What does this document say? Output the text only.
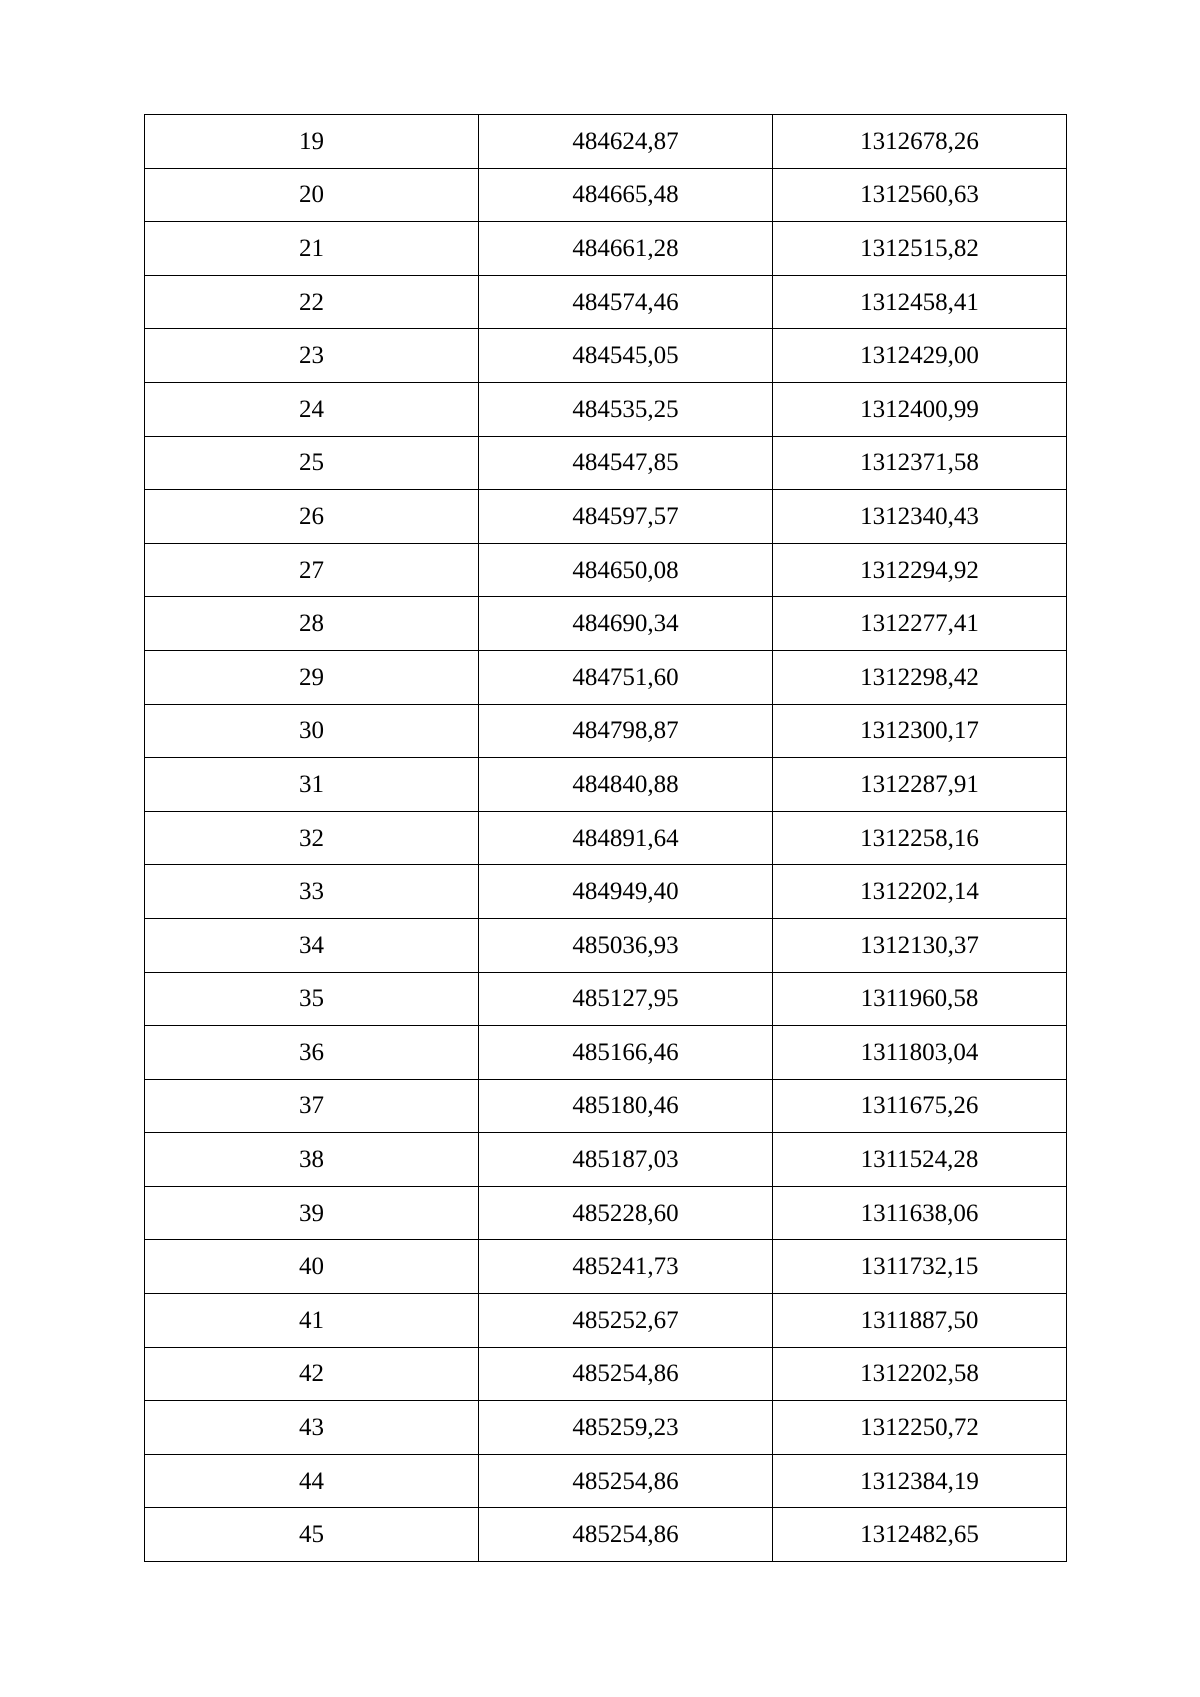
19	484624,87	1312678,26
20	484665,48	1312560,63
21	484661,28	1312515,82
22	484574,46	1312458,41
23	484545,05	1312429,00
24	484535,25	1312400,99
25	484547,85	1312371,58
26	484597,57	1312340,43
27	484650,08	1312294,92
28	484690,34	1312277,41
29	484751,60	1312298,42
30	484798,87	1312300,17
31	484840,88	1312287,91
32	484891,64	1312258,16
33	484949,40	1312202,14
34	485036,93	1312130,37
35	485127,95	1311960,58
36	485166,46	1311803,04
37	485180,46	1311675,26
38	485187,03	1311524,28
39	485228,60	1311638,06
40	485241,73	1311732,15
41	485252,67	1311887,50
42	485254,86	1312202,58
43	485259,23	1312250,72
44	485254,86	1312384,19
45	485254,86	1312482,65
